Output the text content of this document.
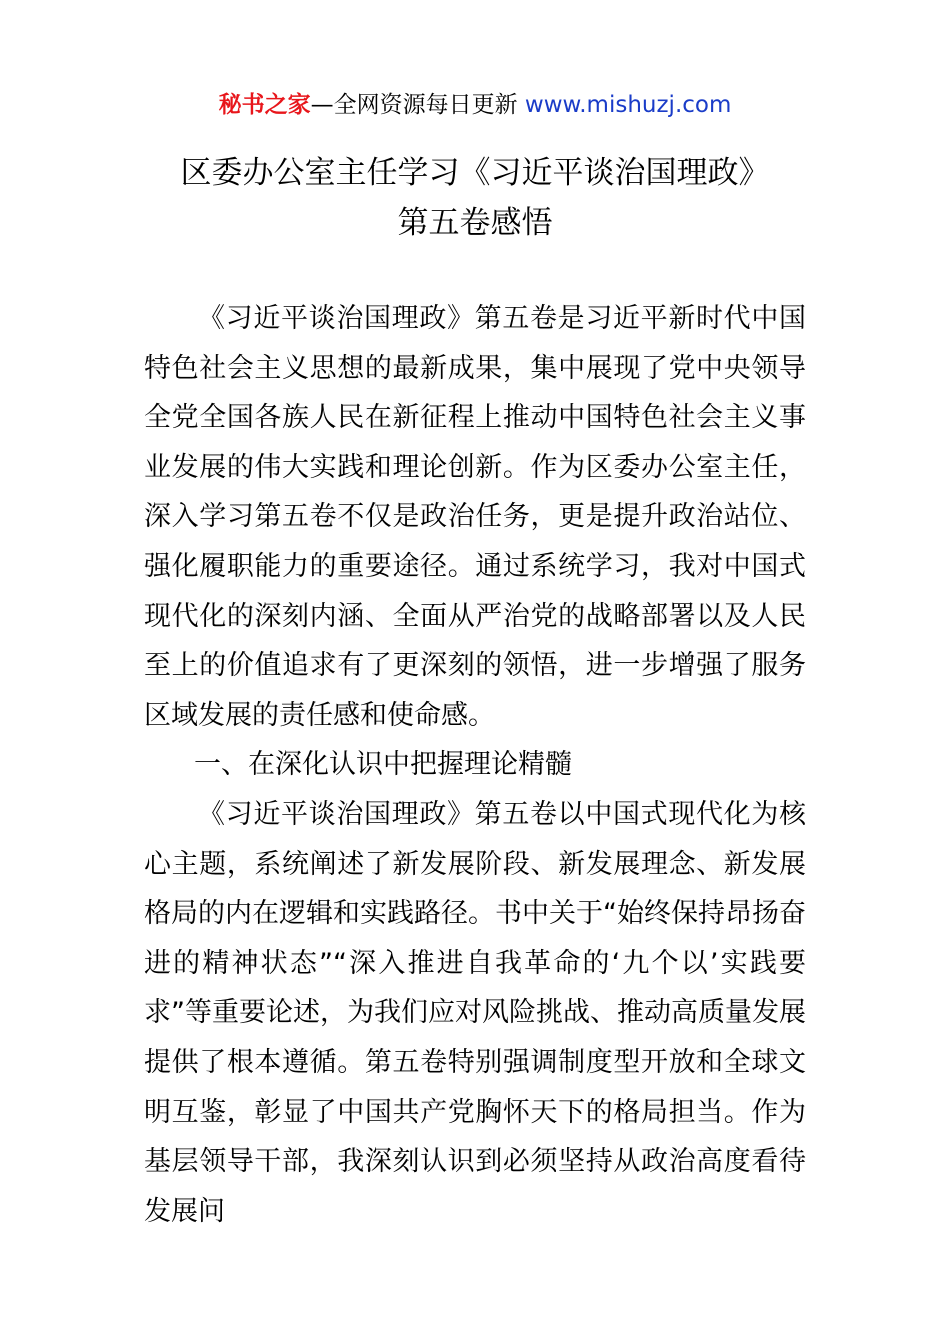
秘书之家—全网资源每日更新 www.mishuzj.com
区委办公室主任学习《习近平谈治国理政》
第五卷感悟

《习近平谈治国理政》第五卷是习近平新时代中国特色社会主义思想的最新成果，集中展现了党中央领导全党全国各族人民在新征程上推动中国特色社会主义事业发展的伟大实践和理论创新。作为区委办公室主任，深入学习第五卷不仅是政治任务，更是提升政治站位、强化履职能力的重要途径。通过系统学习，我对中国式现代化的深刻内涵、全面从严治党的战略部署以及人民至上的价值追求有了更深刻的领悟，进一步增强了服务区域发展的责任感和使命感。

一、在深化认识中把握理论精髓

《习近平谈治国理政》第五卷以中国式现代化为核心主题，系统阐述了新发展阶段、新发展理念、新发展格局的内在逻辑和实践路径。书中关于“始终保持昂扬奋进的精神状态”“深入推进自我革命的‘九个以’实践要求”等重要论述，为我们应对风险挑战、推动高质量发展提供了根本遵循。第五卷特别强调制度型开放和全球文明互鉴，彰显了中国共产党胸怀天下的格局担当。作为基层领导干部，我深刻认识到必须坚持从政治高度看待发展问
